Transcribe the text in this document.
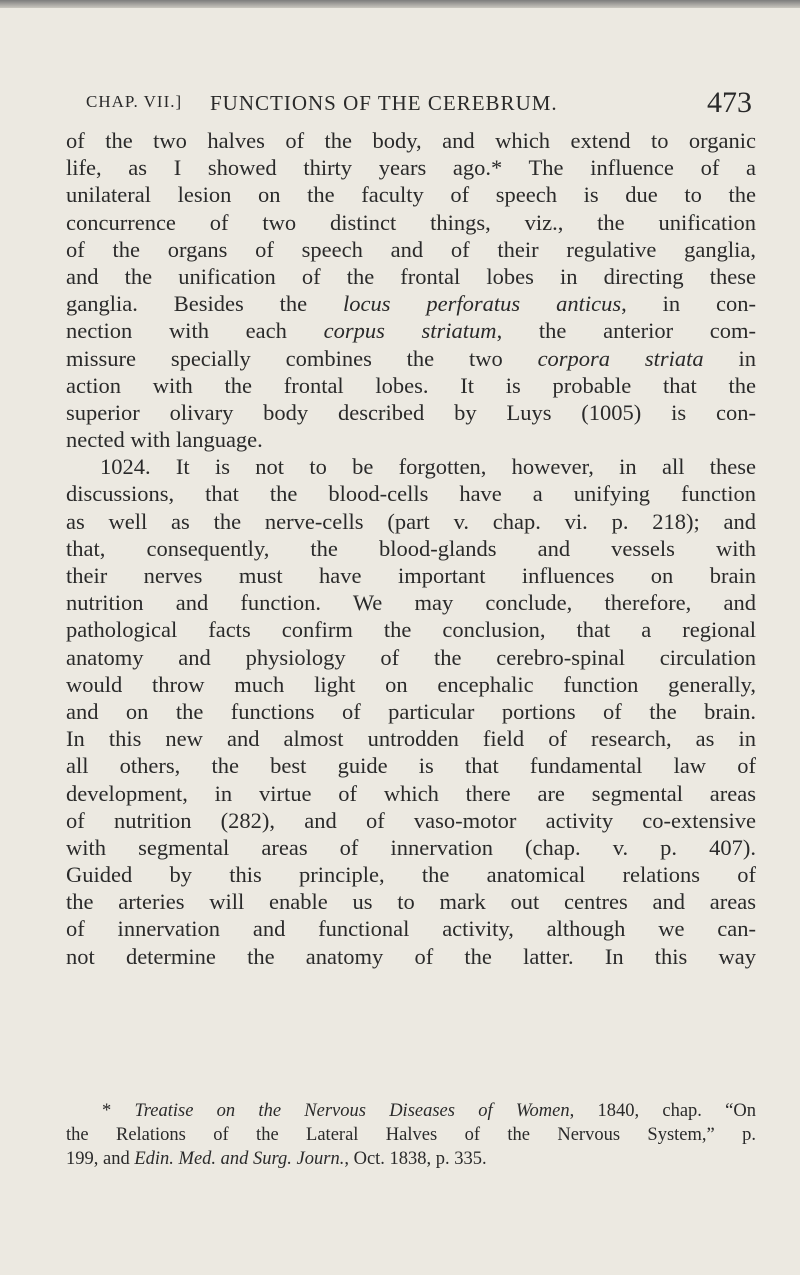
CHAP. VII.] FUNCTIONS OF THE CEREBRUM.	473
of the two halves of the body, and which extend to organic
life, as I showed thirty years ago.* The influence of a
unilateral lesion on the faculty of speech is due to the
concurrence of two distinct things, viz., the unification
of the organs of speech and of their regulative ganglia,
and the unification of the frontal lobes in directing these
ganglia. Besides the locus perforatus anticus, in con-
nection with each corpus striatum, the anterior com-
missure specially combines the two corpora striata in
action with the frontal lobes. It is probable that the
superior olivary body described by Luys (1005) is con-
nected with language.
1024. It is not to be forgotten, however, in all these
discussions, that the blood-cells have a unifying function
as well as the nerve-cells (part v. chap. vi. p. 218); and
that, consequently, the blood-glands and vessels with
their nerves must have important influences on brain
nutrition and function. We may conclude, therefore, and
pathological facts confirm the conclusion, that a regional
anatomy and physiology of the cerebro-spinal circulation
would throw much light on encephalic function generally,
and on the functions of particular portions of the brain.
In this new and almost untrodden field of research, as in
all others, the best guide is that fundamental law of
development, in virtue of which there are segmental areas
of nutrition (282), and of vaso-motor activity co-extensive
with segmental areas of innervation (chap. v. p. 407).
Guided by this principle, the anatomical relations of
the arteries will enable us to mark out centres and areas
of innervation and functional activity, although we can-
not determine the anatomy of the latter. In this way
* Treatise on the Nervous Diseases of Women, 1840, chap. “On
the Relations of the Lateral Halves of the Nervous System,” p.
199, and Edin. Med. and Surg. Journ., Oct. 1838, p. 335.
